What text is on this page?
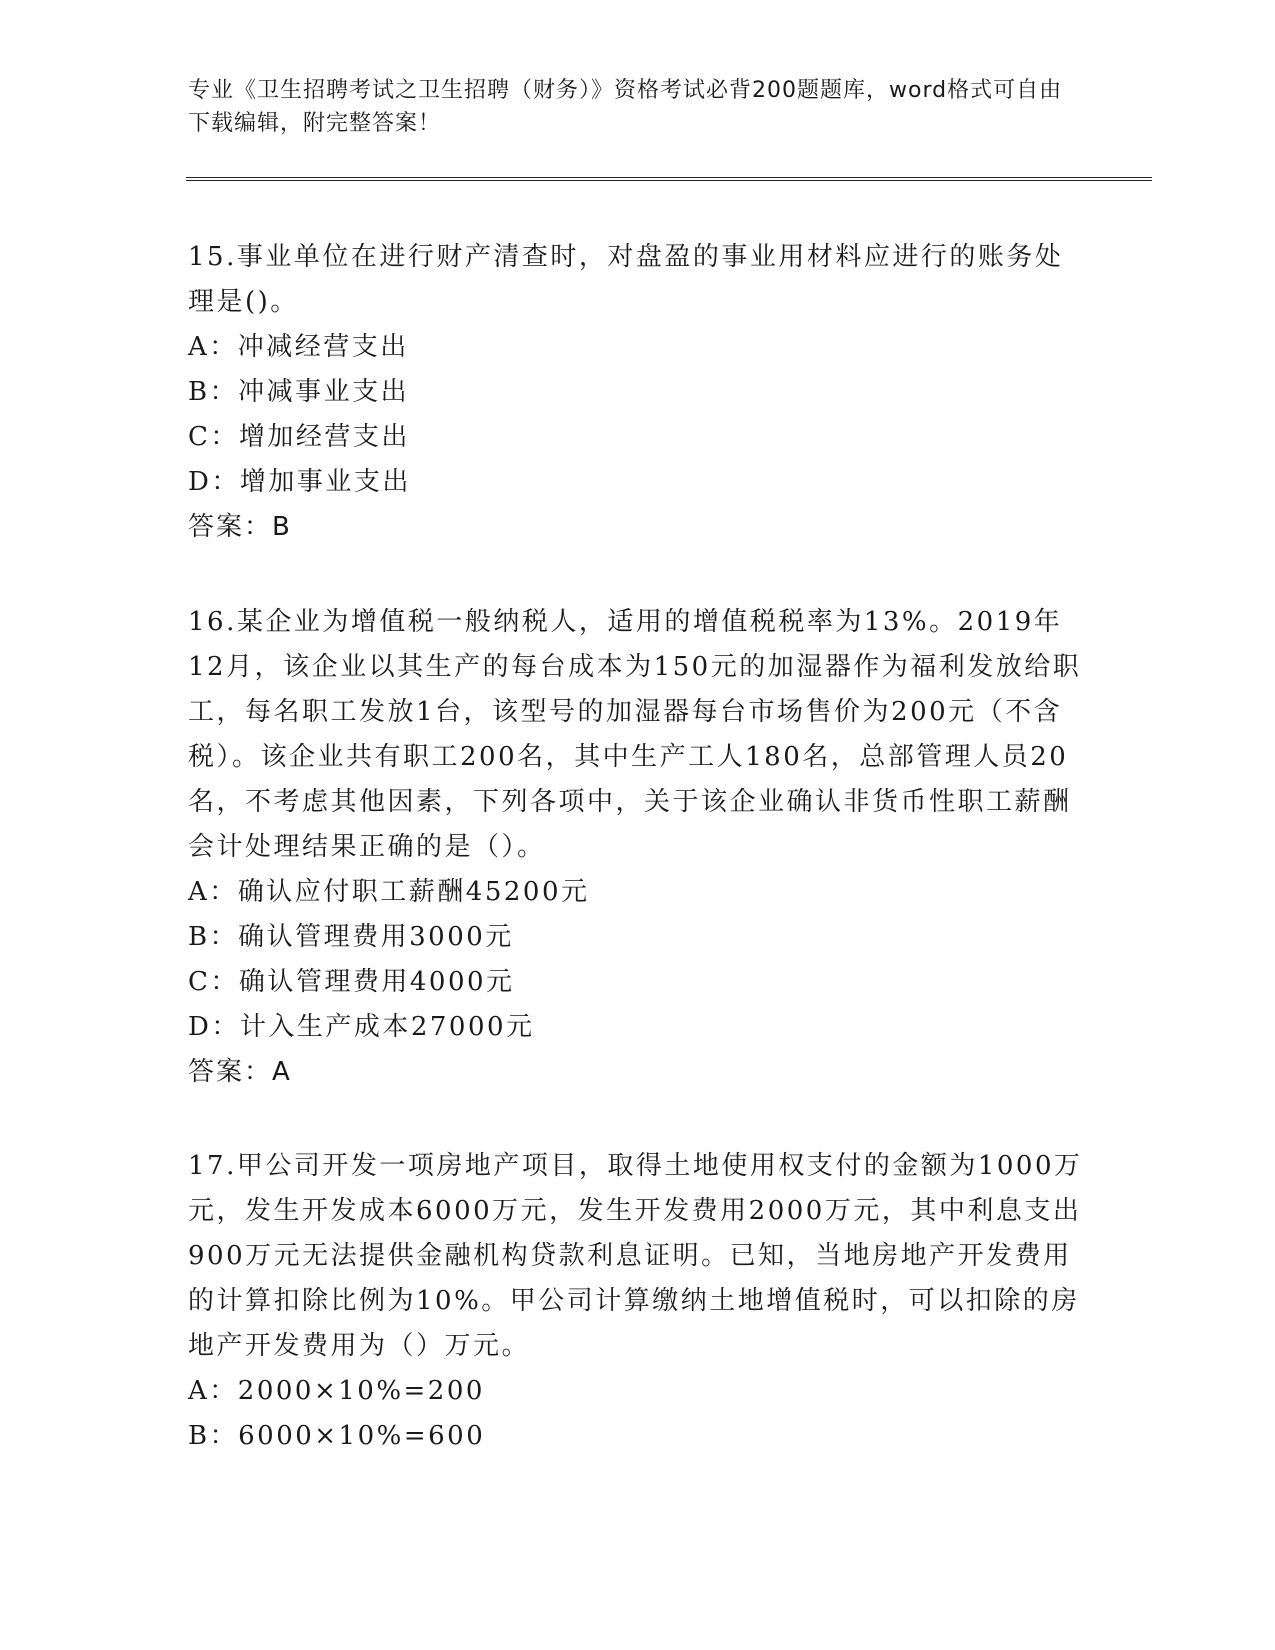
专业《卫生招聘考试之卫生招聘（财务）》资格考试必背200题题库，word格式可自由下载编辑，附完整答案！

15.事业单位在进行财产清查时，对盘盈的事业用材料应进行的账务处理是()。

A：冲减经营支出

B：冲减事业支出

C：增加经营支出

D：增加事业支出

答案：B

16.某企业为增值税一般纳税人，适用的增值税税率为13%。2019年12月，该企业以其生产的每台成本为150元的加湿器作为福利发放给职工，每名职工发放1台，该型号的加湿器每台市场售价为200元（不含税）。该企业共有职工200名，其中生产工人180名，总部管理人员20名，不考虑其他因素，下列各项中，关于该企业确认非货币性职工薪酬会计处理结果正确的是（）。

A：确认应付职工薪酬45200元

B：确认管理费用3000元

C：确认管理费用4000元

D：计入生产成本27000元

答案：A

17.甲公司开发一项房地产项目，取得土地使用权支付的金额为1000万元，发生开发成本6000万元，发生开发费用2000万元，其中利息支出900万元无法提供金融机构贷款利息证明。已知，当地房地产开发费用的计算扣除比例为10%。甲公司计算缴纳土地增值税时，可以扣除的房地产开发费用为（）万元。

A：2000×10%=200

B：6000×10%=600
